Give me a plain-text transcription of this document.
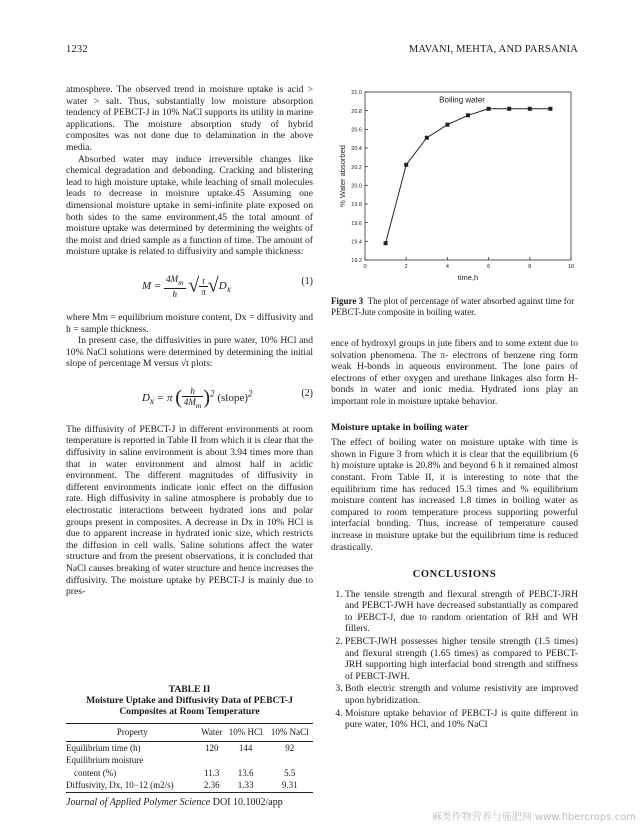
1232	MAVANI, MEHTA, AND PARSANIA

atmosphere. The observed trend in moisture uptake is acid > water > salt. Thus, substantially low moisture absorption tendency of PEBCT-J in 10% NaCl supports its utility in marine applications. The moisture absorption study of hybrid composites was not done due to delamination in the above media.

Absorbed water may induce irreversible changes like chemical degradation and debonding. Cracking and blistering lead to high moisture uptake, while leaching of small molecules leads to decrease in moisture uptake.45 Assuming one dimensional moisture uptake in semi-infinite plate exposed on both sides to the same environment,45 the total amount of moisture uptake was determined by determining the weights of the moist and dried sample as a function of time. The amount of moisture uptake is related to diffusivity and sample thickness:

$M = \frac{4M_m}{h}$ √ $\frac{t}{\pi} √D_x$
(1)

where Mm = equilibrium moisture content, Dx = diffusivity and h = sample thickness.

In present case, the diffusivities in pure water, 10% HCl and 10% NaCl solutions were determined by determining the initial slope of percentage M versus √t plots:

$D_x = \pi$ ( $\frac{h}{4M_m} )^2$ (slope)$^2$	(2)

The diffusivity of PEBCT-J in different environments at room temperature is reported in Table II from which it is clear that the diffusivity in saline environment is about 3.94 times more than that in water environment and almost half in acidic environment. The different magnitudes of diffusivity in different environments indicate ionic effect on the diffusion rate. High diffusivity in saline atmosphere is probably due to electrostatic interactions between hydrated ions and polar groups present in composites. A decrease in Dx in 10% HCl is due to apparent increase in hydrated ionic size, which restricts the diffusion in cell walls. Saline solutions affect the water structure and from the present observations, it is concluded that NaCl causes breaking of water structure and hence increases the diffusivity. The moisture uptake by PEBCT-J is mainly due to pres-

TABLE II
Moisture Uptake and Diffusivity Data of PEBCT-J Composites at Room Temperature
Property	Water	10% HCl	10% NaCl
Equilibrium time (h)	120	144	92
Equilibrium moisture			
content (%)	11.3	13.6	5.5
Diffusivity, Dx, 10−12 (m2/s)	2.36	1.33	9.31
19.2
19.4
19.6
19.8
20.0
20.2
20.4
20.6
20.8
21.0
0	2	4	6	8	10
% Water absorbed
time,h
Boiling water
Figure 3 The plot of percentage of water absorbed against time for PEBCT-Jute composite in boiling water.

ence of hydroxyl groups in jute fibers and to some extent due to solvation phenomena. The π- electrons of benzene ring form weak H-bonds in aqueous environment. The lone pairs of electrons of ether oxygen and urethane linkages also form H-bonds in water and ionic media. Hydrated ions play an important role in moisture uptake behavior.

Moisture uptake in boiling water

The effect of boiling water on moisture uptake with time is shown in Figure 3 from which it is clear that the equilibrium (6 h) moisture uptake is 20.8% and beyond 6 h it remained almost constant. From Table II, it is interesting to note that the equilibrium time has reduced 15.3 times and % equilibrium moisture content has increased 1.8 times in boiling water as compared to room temperature process supporting powerful interfacial bonding. Thus, increase of temperature caused increase in moisture uptake but the equilibrium time is reduced drastically.

CONCLUSIONS
1. The tensile strength and flexural strength of PEBCT-JRH and PEBCT-JWH have decreased substantially as compared to PEBCT-J, due to random orientation of RH and WH fillers.
2. PEBCT-JWH possesses higher tensile strength (1.5 times) and flexural strength (1.65 times) as compared to PEBCT-JRH supporting high interfacial bond strength and stiffness of PEBCT-JWH.
3. Both electric strength and volume resistivity are improved upon hybridization.
4. Moisture uptake behavior of PEBCT-J is quite different in pure water, 10% HCl, and 10% NaCl
Journal of Applied Polymer Science DOI 10.1002/app
麻类作物营养与施肥网 www.fibercrops.com
